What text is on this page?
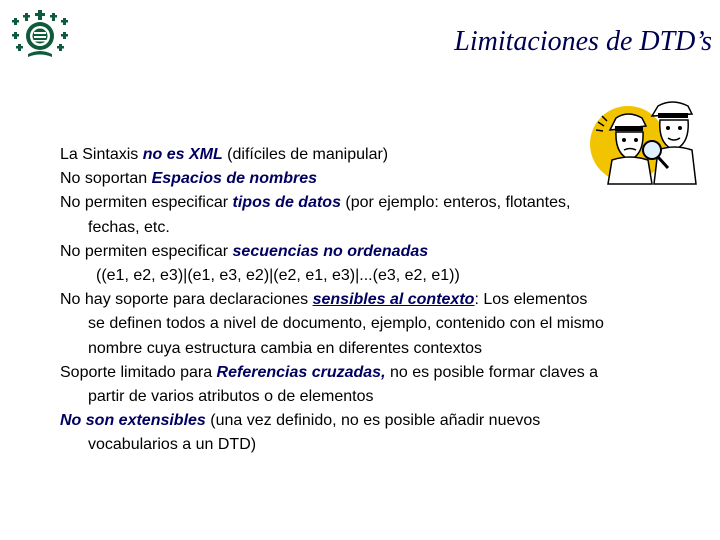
Limitaciones de DTD’s
La Sintaxis no es XML (difíciles de manipular)
No soportan Espacios de nombres
No permiten especificar tipos de datos (por ejemplo: enteros, flotantes,
fechas, etc.
No permiten especificar secuencias no ordenadas
((e1, e2, e3)|(e1, e3, e2)|(e2, e1, e3)|...(e3, e2, e1))
No hay soporte para declaraciones sensibles al contexto: Los elementos
se definen todos a nivel de documento, ejemplo, contenido con el mismo
nombre cuya estructura cambia en diferentes contextos
Soporte limitado para Referencias cruzadas, no es posible formar claves a
partir de varios atributos o de elementos
No son extensibles (una vez definido, no es posible añadir nuevos
vocabularios a un DTD)
